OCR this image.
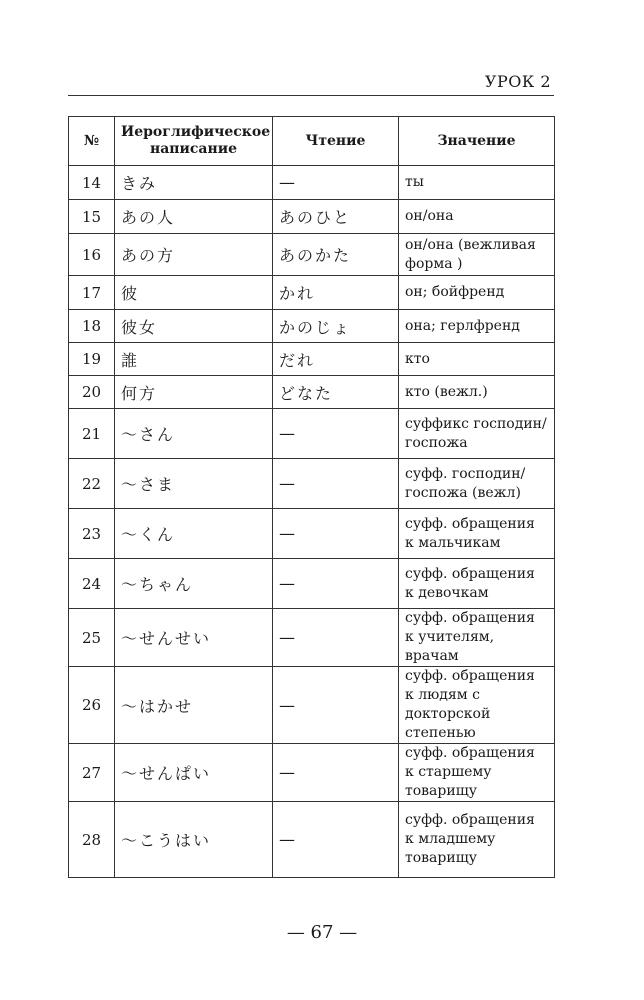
УРОК 2
№	Иероглифическое написание	Чтение	Значение
14	きみ	—	ты
15	あの人	あのひと	он/она
16	あの方	あのかた	он/она (вежливая форма )
17	彼	かれ	он; бойфренд
18	彼女	かのじょ	она; герлфренд
19	誰	だれ	кто
20	何方	どなた	кто (вежл.)
21	～さん	—	суффикс господин/ госпожа
22	～さま	—	суфф. господин/ госпожа (вежл)
23	～くん	—	суфф. обращения к мальчикам
24	～ちゃん	—	суфф. обращения к девочкам
25	～せんせい	—	суфф. обращения к учителям, врачам
26	～はかせ	—	суфф. обращения к людям с докторской степенью
27	～せんぱい	—	суфф. обращения к старшему товарищу
28	～こうはい	—	суфф. обращения к младшему товарищу
— 67 —
